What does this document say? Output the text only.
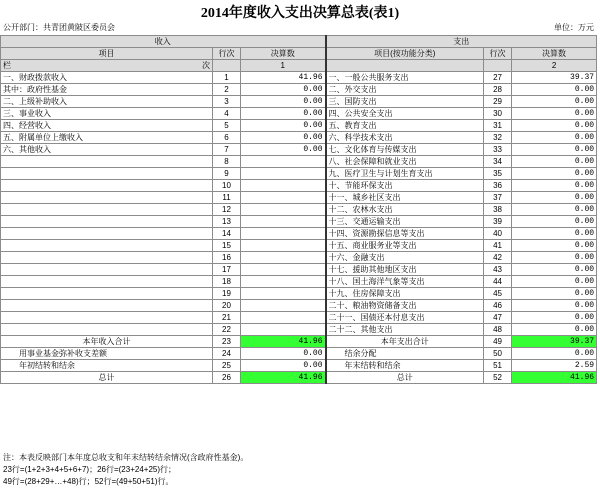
2014年度收入支出决算总表(表1)
公开部门：共青团黄陂区委员会	单位：万元
收入			支出		
项目	行次	决算数	项目(按功能分类)	行次	决算数
栏 次		1			2
一、财政拨款收入	1	41.96	一、一般公共服务支出	27	39.37
其中：政府性基金	2	0.00	二、外交支出	28	0.00
二、上级补助收入	3	0.00	三、国防支出	29	0.00
三、事业收入	4	0.00	四、公共安全支出	30	0.00
四、经营收入	5	0.00	五、教育支出	31	0.00
五、附属单位上缴收入	6	0.00	六、科学技术支出	32	0.00
六、其他收入	7	0.00	七、文化体育与传媒支出	33	0.00
	8		八、社会保障和就业支出	34	0.00
	9		九、医疗卫生与计划生育支出	35	0.00
	10		十、节能环保支出	36	0.00
	11		十一、城乡社区支出	37	0.00
	12		十二、农林水支出	38	0.00
	13		十三、交通运输支出	39	0.00
	14		十四、资源勘探信息等支出	40	0.00
	15		十五、商业服务业等支出	41	0.00
	16		十六、金融支出	42	0.00
	17		十七、援助其他地区支出	43	0.00
	18		十八、国土海洋气象等支出	44	0.00
	19		十九、住房保障支出	45	0.00
	20		二十、粮油物资储备支出	46	0.00
	21		二十一、国债还本付息支出	47	0.00
	22		二十二、其他支出	48	0.00
本年收入合计	23	41.96	本年支出合计	49	39.37
用事业基金弥补收支差额	24	0.00	结余分配	50	0.00
年初结转和结余	25	0.00	年末结转和结余	51	2.59
总计	26	41.96	总计	52	41.96
注：本表反映部门本年度总收支和年末结转结余情况(含政府性基金)。
23行=(1+2+3+4+5+6+7)；26行=(23+24+25)行；
49行=(28+29+…+48)行；52行=(49+50+51)行。
